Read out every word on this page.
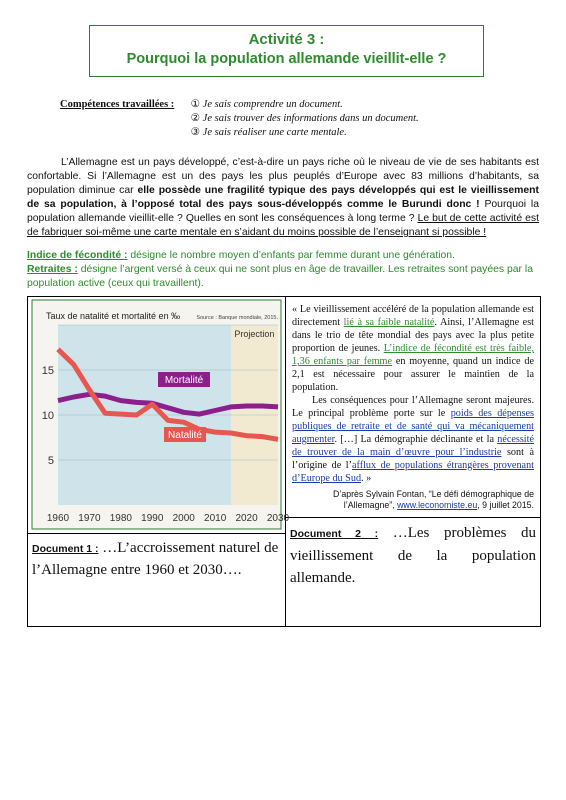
Activité 3 :
Pourquoi la population allemande vieillit-elle ?
Compétences travaillées : ① Je sais comprendre un document.
② Je sais trouver des informations dans un document.
③ Je sais réaliser une carte mentale.
L’Allemagne est un pays développé, c’est-à-dire un pays riche où le niveau de vie de ses habitants est confortable. Si l’Allemagne est un des pays les plus peuplés d’Europe avec 83 millions d’habitants, sa population diminue car elle possède une fragilité typique des pays développés qui est le vieillissement de sa population, à l’opposé total des pays sous-développés comme le Burundi donc ! Pourquoi la population allemande vieillit-elle ? Quelles en sont les conséquences à long terme ? Le but de cette activité est de fabriquer soi-même une carte mentale en s’aidant du moins possible de l’enseignant si possible !
Indice de fécondité : désigne le nombre moyen d’enfants par femme durant une génération.
Retraites : désigne l’argent versé à ceux qui ne sont plus en âge de travailler. Les retraites sont payées par la population active (ceux qui travaillent).
5
10
15
1960 1970 1980 1990 2000 2010 2020 2030
Taux de natalité et mortalité en ‰	Source : Banque mondiale, 2015.
Projection
Mortalité
Natalité

« Le vieillissement accéléré de la population allemande est directement lié à sa faible natalité. Ainsi, l’Allemagne est dans le trio de tête mondial des pays avec la plus petite proportion de jeunes. L’indice de fécondité est très faible, 1,36 enfants par femme en moyenne, quand un indice de 2,1 est nécessaire pour assurer le maintien de la population.
Les conséquences pour l’Allemagne seront majeures. Le principal problème porte sur le poids des dépenses publiques de retraite et de santé qui va mécaniquement augmenter. […] La démographie déclinante et la nécessité de trouver de la main d’œuvre pour l’industrie sont à l’origine de l’afflux de populations étrangères provenant d’Europe du Sud. »
D’après Sylvain Fontan, “Le défi démographique de l’Allemagne”, www.leconomiste.eu, 9 juillet 2015.
Document 2 : …Les problèmes du vieillissement de la population allemande.

Document 1 : …L’accroissement naturel de l’Allemagne entre 1960 et 2030….
